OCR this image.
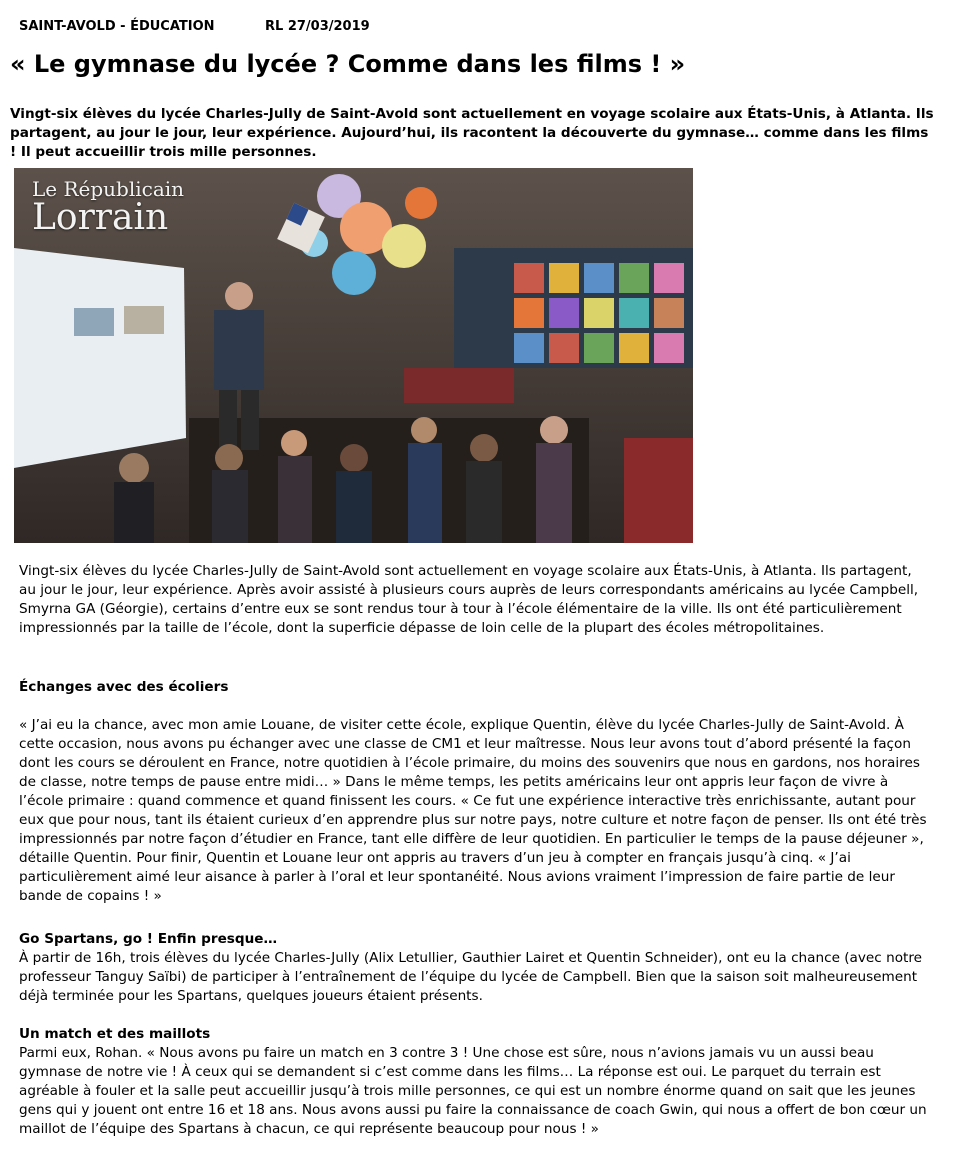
SAINT-AVOLD - ÉDUCATION	RL 27/03/2019
« Le gymnase du lycée ? Comme dans les films ! »

Vingt-six élèves du lycée Charles-Jully de Saint-Avold sont actuellement en voyage scolaire aux États-Unis, à Atlanta. Ils partagent, au jour le jour, leur expérience. Aujourd’hui, ils racontent la découverte du gymnase… comme dans les films ! Il peut accueillir trois mille personnes.

Le Républicain
Lorrain

Vingt-six élèves du lycée Charles-Jully de Saint-Avold sont actuellement en voyage scolaire aux États-Unis, à Atlanta. Ils partagent, au jour le jour, leur expérience. Après avoir assisté à plusieurs cours auprès de leurs correspondants américains au lycée Campbell, Smyrna GA (Géorgie), certains d’entre eux se sont rendus tour à tour à l’école élémentaire de la ville. Ils ont été particulièrement impressionnés par la taille de l’école, dont la superficie dépasse de loin celle de la plupart des écoles métropolitaines.

Échanges avec des écoliers

« J’ai eu la chance, avec mon amie Louane, de visiter cette école, explique Quentin, élève du lycée Charles-Jully de Saint-Avold. À cette occasion, nous avons pu échanger avec une classe de CM1 et leur maîtresse. Nous leur avons tout d’abord présenté la façon dont les cours se déroulent en France, notre quotidien à l’école primaire, du moins des souvenirs que nous en gardons, nos horaires de classe, notre temps de pause entre midi… » Dans le même temps, les petits américains leur ont appris leur façon de vivre à l’école primaire : quand commence et quand finissent les cours. « Ce fut une expérience interactive très enrichissante, autant pour eux que pour nous, tant ils étaient curieux d’en apprendre plus sur notre pays, notre culture et notre façon de penser. Ils ont été très impressionnés par notre façon d’étudier en France, tant elle diffère de leur quotidien. En particulier le temps de la pause déjeuner », détaille Quentin. Pour finir, Quentin et Louane leur ont appris au travers d’un jeu à compter en français jusqu’à cinq. « J’ai particulièrement aimé leur aisance à parler à l’oral et leur spontanéité. Nous avions vraiment l’impression de faire partie de leur bande de copains ! »

Go Spartans, go ! Enfin presque…

À partir de 16h, trois élèves du lycée Charles-Jully (Alix Letullier, Gauthier Lairet et Quentin Schneider), ont eu la chance (avec notre professeur Tanguy Saïbi) de participer à l’entraînement de l’équipe du lycée de Campbell. Bien que la saison soit malheureusement déjà terminée pour les Spartans, quelques joueurs étaient présents.

Un match et des maillots

Parmi eux, Rohan. « Nous avons pu faire un match en 3 contre 3 ! Une chose est sûre, nous n’avions jamais vu un aussi beau gymnase de notre vie ! À ceux qui se demandent si c’est comme dans les films… La réponse est oui. Le parquet du terrain est agréable à fouler et la salle peut accueillir jusqu’à trois mille personnes, ce qui est un nombre énorme quand on sait que les jeunes gens qui y jouent ont entre 16 et 18 ans. Nous avons aussi pu faire la connaissance de coach Gwin, qui nous a offert de bon cœur un maillot de l’équipe des Spartans à chacun, ce qui représente beaucoup pour nous ! »
